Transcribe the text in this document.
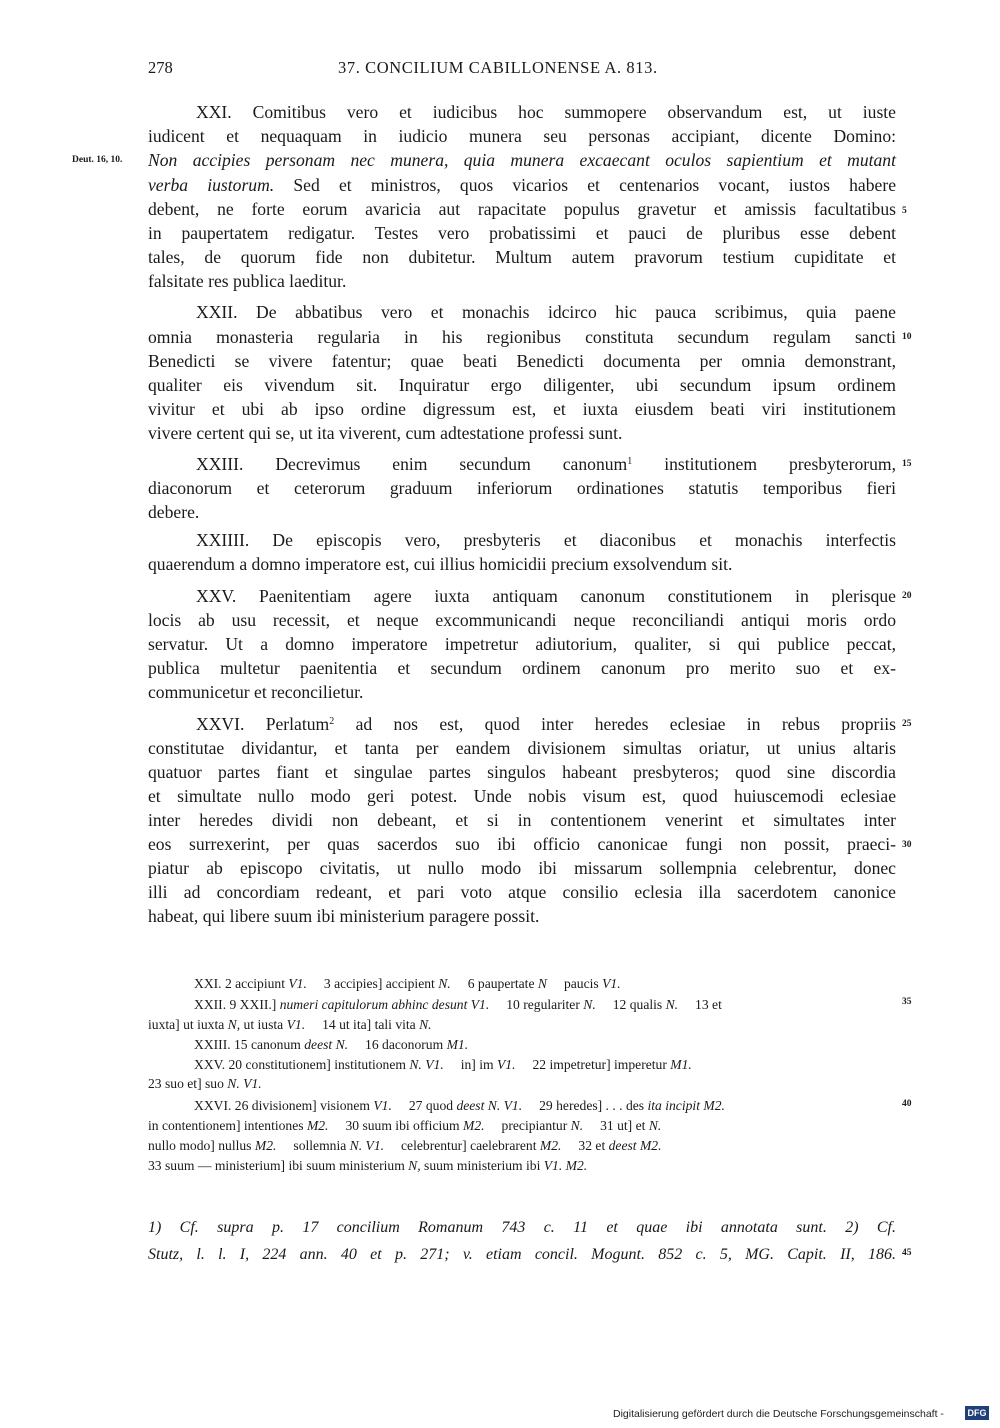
278	37. CONCILIUM CABILLONENSE A. 813.
Deut. 16, 10.
XXI. Comitibus vero et iudicibus hoc summopere observandum est, ut iuste
iudicent et nequaquam in iudicio munera seu personas accipiant, dicente Domino:
Non accipies personam nec munera, quia munera excaecant oculos sapientium et mutant
verba iustorum. Sed et ministros, quos vicarios et centenarios vocant, iustos habere
debent, ne forte eorum avaricia aut rapacitate populus gravetur et amissis facultatibus
in paupertatem redigatur. Testes vero probatissimi et pauci de pluribus esse debent
tales, de quorum fide non dubitetur. Multum autem pravorum testium cupiditate et
falsitate res publica laeditur.
XXII. De abbatibus vero et monachis idcirco hic pauca scribimus, quia paene
omnia monasteria regularia in his regionibus constituta secundum regulam sancti
Benedicti se vivere fatentur; quae beati Benedicti documenta per omnia demonstrant,
qualiter eis vivendum sit. Inquiratur ergo diligenter, ubi secundum ipsum ordinem
vivitur et ubi ab ipso ordine digressum est, et iuxta eiusdem beati viri institutionem
vivere certent qui se, ut ita viverent, cum adtestatione professi sunt.
XXIII. Decrevimus enim secundum canonum$^1$ institutionem presbyterorum,
diaconorum et ceterorum graduum inferiorum ordinationes statutis temporibus fieri
debere.
XXIIII. De episcopis vero, presbyteris et diaconibus et monachis interfectis
quaerendum a domno imperatore est, cui illius homicidii precium exsolvendum sit.
XXV. Paenitentiam agere iuxta antiquam canonum constitutionem in plerisque
locis ab usu recessit, et neque excommunicandi neque reconciliandi antiqui moris ordo
servatur. Ut a domno imperatore impetretur adiutorium, qualiter, si qui publice peccat,
publica multetur paenitentia et secundum ordinem canonum pro merito suo et ex-
communicetur et reconcilietur.
XXVI. Perlatum$^2$ ad nos est, quod inter heredes eclesiae in rebus propriis
constitutae dividantur, et tanta per eandem divisionem simultas oriatur, ut unius altaris
quatuor partes fiant et singulae partes singulos habeant presbyteros; quod sine discordia
et simultate nullo modo geri potest. Unde nobis visum est, quod huiuscemodi eclesiae
inter heredes dividi non debeant, et si in contentionem venerint et simultates inter
eos surrexerint, per quas sacerdos suo ibi officio canonicae fungi non possit, praeci-
piatur ab episcopo civitatis, ut nullo modo ibi missarum sollempnia celebrentur, donec
illi ad concordiam redeant, et pari voto atque consilio eclesia illa sacerdotem canonice
habeat, qui libere suum ibi ministerium paragere possit.
5
10
15
20
25
30
35
40
45
XXI. 2 accipiunt V1.     3 accipies] accipient N.     6 paupertate N     paucis V1.
XXII. 9 XXII.] numeri capitulorum abhinc desunt V1.     10 regulariter N.     12 qualis N.     13 et
iuxta] ut iuxta N, ut iusta V1.     14 ut ita] tali vita N.
XXIII. 15 canonum deest N.     16 daconorum M1.
XXV. 20 constitutionem] institutionem N. V1.     in] im V1.     22 impetretur] imperetur M1.
23 suo et] suo N. V1.
XXVI. 26 divisionem] visionem V1.     27 quod deest N. V1.     29 heredes] . . . des ita incipit M2.
in contentionem] intentiones M2.     30 suum ibi officium M2.     precipiantur N.     31 ut] et N.
nullo modo] nullus M2.     sollemnia N. V1.     celebrentur] caelebrarent M2.     32 et deest M2.
33 suum — ministerium] ibi suum ministerium N, suum ministerium ibi V1. M2.
1) Cf. supra p. 17 concilium Romanum 743 c. 11 et quae ibi annotata sunt. 2) Cf.
Stutz, l. l. I, 224 ann. 40 et p. 271; v. etiam concil. Mogunt. 852 c. 5, MG. Capit. II, 186.
Digitalisierung gefördert durch die Deutsche Forschungsgemeinschaft -	DFG
